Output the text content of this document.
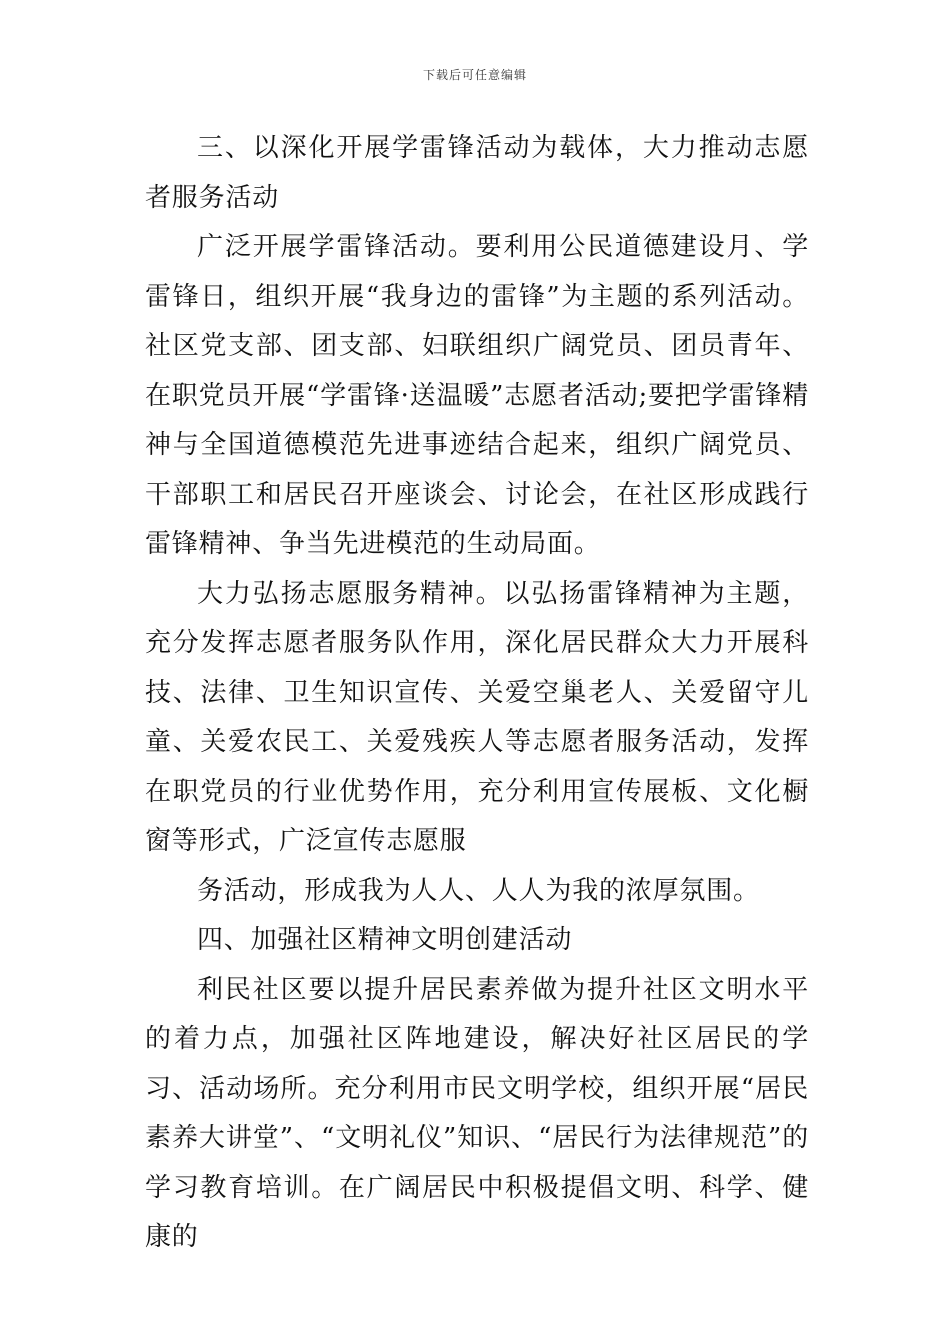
下载后可任意编辑

三、以深化开展学雷锋活动为载体，大力推动志愿者服务活动

广泛开展学雷锋活动。要利用公民道德建设月、学雷锋日，组织开展“我身边的雷锋”为主题的系列活动。社区党支部、团支部、妇联组织广阔党员、团员青年、在职党员开展“学雷锋·送温暖”志愿者活动;要把学雷锋精神与全国道德模范先进事迹结合起来，组织广阔党员、干部职工和居民召开座谈会、讨论会，在社区形成践行雷锋精神、争当先进模范的生动局面。

大力弘扬志愿服务精神。以弘扬雷锋精神为主题，充分发挥志愿者服务队作用，深化居民群众大力开展科技、法律、卫生知识宣传、关爱空巢老人、关爱留守儿童、关爱农民工、关爱残疾人等志愿者服务活动，发挥在职党员的行业优势作用，充分利用宣传展板、文化橱窗等形式，广泛宣传志愿服

务活动，形成我为人人、人人为我的浓厚氛围。

四、加强社区精神文明创建活动

利民社区要以提升居民素养做为提升社区文明水平的着力点，加强社区阵地建设，解决好社区居民的学习、活动场所。充分利用市民文明学校，组织开展“居民素养大讲堂”、“文明礼仪”知识、“居民行为法律规范”的学习教育培训。在广阔居民中积极提倡文明、科学、健康的
